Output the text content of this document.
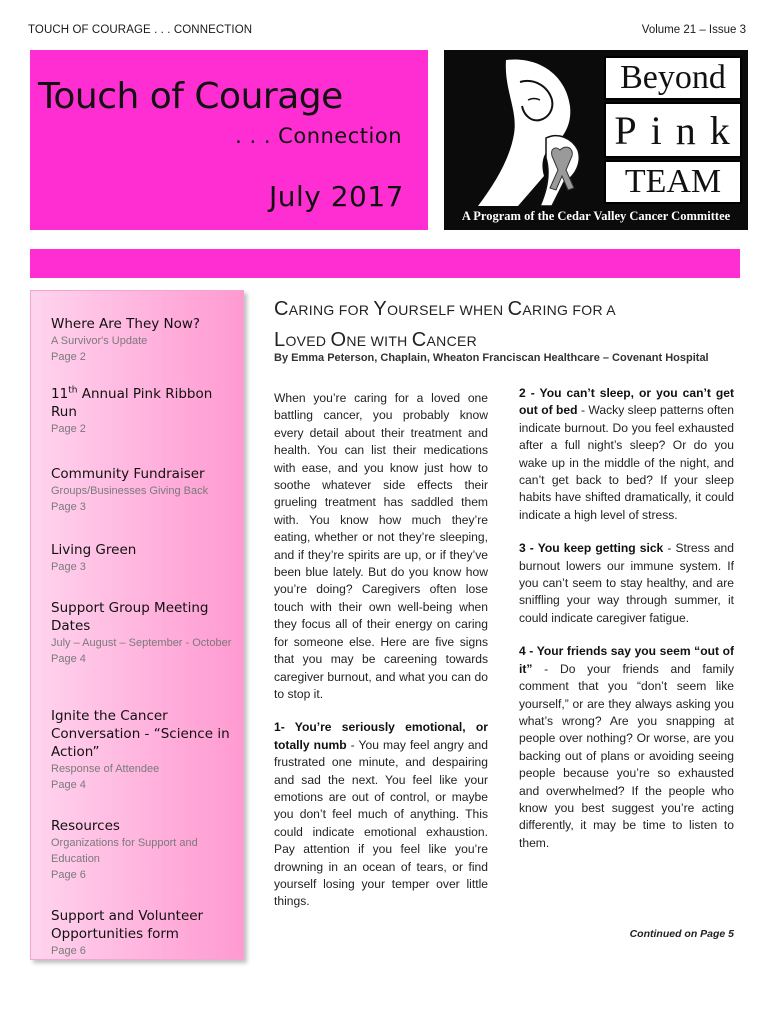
TOUCH OF COURAGE . . . CONNECTION	Volume 21 – Issue 3
Touch of Courage
. . . Connection
July 2017
Beyond
Pink
TEAM
A Program of the Cedar Valley Cancer Committee
Where Are They Now?
A Survivor's Update
Page 2
11th Annual Pink Ribbon Run
Page 2
Community Fundraiser
Groups/Businesses Giving Back
Page 3
Living Green
Page 3
Support Group Meeting Dates
July – August – September - October
Page 4
Ignite the Cancer Conversation - “Science in Action”
Response of Attendee
Page 4
Resources
Organizations for Support and Education
Page 6
Support and Volunteer Opportunities form
Page 6
CARING FOR YOURSELF WHEN CARING FOR A
LOVED ONE WITH CANCER
By Emma Peterson, Chaplain, Wheaton Franciscan Healthcare – Covenant Hospital

When you’re caring for a loved one battling cancer, you probably know every detail about their treatment and health. You can list their medications with ease, and you know just how to soothe whatever side effects their grueling treatment has saddled them with. You know how much they’re eating, whether or not they’re sleeping, and if they’re spirits are up, or if they’ve been blue lately. But do you know how you’re doing? Caregivers often lose touch with their own well-being when they focus all of their energy on caring for someone else. Here are five signs that you may be careening towards caregiver burnout, and what you can do to stop it.

1- You’re seriously emotional, or totally numb - You may feel angry and frustrated one minute, and despairing and sad the next. You feel like your emotions are out of control, or maybe you don’t feel much of anything. This could indicate emotional exhaustion. Pay attention if you feel like you’re drowning in an ocean of tears, or find yourself losing your temper over little things.

2 - You can’t sleep, or you can’t get out of bed - Wacky sleep patterns often indicate burnout. Do you feel exhausted after a full night’s sleep? Or do you wake up in the middle of the night, and can’t get back to bed? If your sleep habits have shifted dramatically, it could indicate a high level of stress.

3 - You keep getting sick - Stress and burnout lowers our immune system. If you can’t seem to stay healthy, and are sniffling your way through summer, it could indicate caregiver fatigue.

4 - Your friends say you seem “out of it” - Do your friends and family comment that you “don’t seem like yourself,” or are they always asking you what’s wrong? Are you snapping at people over nothing? Or worse, are you backing out of plans or avoiding seeing people because you’re so exhausted and overwhelmed? If the people who know you best suggest you’re acting differently, it may be time to listen to them.

Continued on Page 5
